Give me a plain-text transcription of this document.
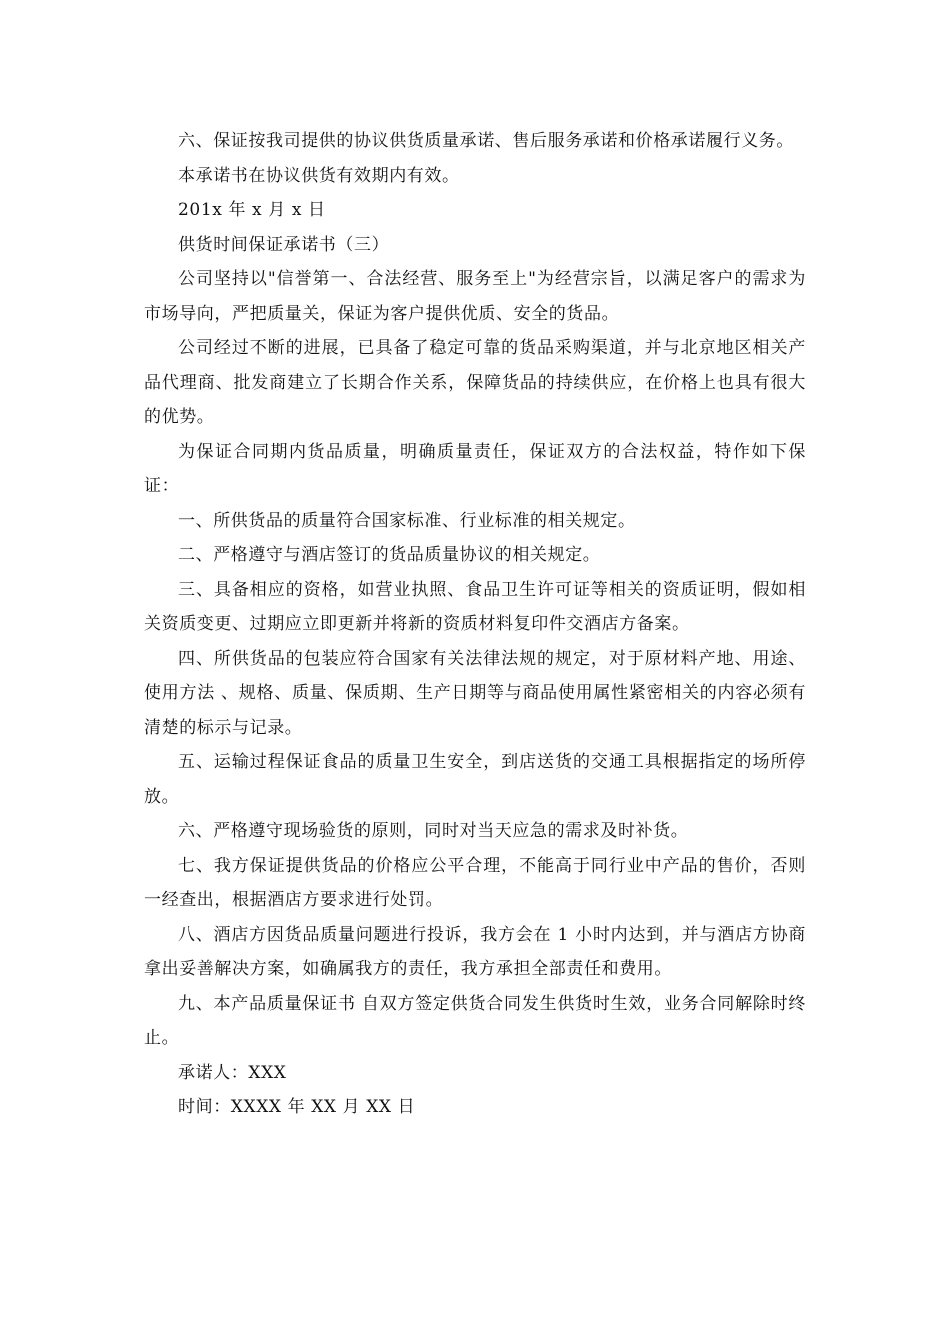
六、保证按我司提供的协议供货质量承诺、售后服务承诺和价格承诺履行义务。

本承诺书在协议供货有效期内有效。

201x 年 x 月 x 日

供货时间保证承诺书（三）

公司坚持以"信誉第一、合法经营、服务至上"为经营宗旨，以满足客户的需求为市场导向，严把质量关，保证为客户提供优质、安全的货品。

公司经过不断的进展，已具备了稳定可靠的货品采购渠道，并与北京地区相关产品代理商、批发商建立了长期合作关系，保障货品的持续供应，在价格上也具有很大的优势。

为保证合同期内货品质量，明确质量责任，保证双方的合法权益，特作如下保证：

一、所供货品的质量符合国家标准、行业标准的相关规定。

二、严格遵守与酒店签订的货品质量协议的相关规定。

三、具备相应的资格，如营业执照、食品卫生许可证等相关的资质证明，假如相关资质变更、过期应立即更新并将新的资质材料复印件交酒店方备案。

四、所供货品的包装应符合国家有关法律法规的规定，对于原材料产地、用途、使用方法 、规格、质量、保质期、生产日期等与商品使用属性紧密相关的内容必须有清楚的标示与记录。

五、运输过程保证食品的质量卫生安全，到店送货的交通工具根据指定的场所停放。

六、严格遵守现场验货的原则，同时对当天应急的需求及时补货。

七、我方保证提供货品的价格应公平合理，不能高于同行业中产品的售价，否则一经查出，根据酒店方要求进行处罚。

八、酒店方因货品质量问题进行投诉，我方会在 1 小时内达到，并与酒店方协商拿出妥善解决方案，如确属我方的责任，我方承担全部责任和费用。

九、本产品质量保证书 自双方签定供货合同发生供货时生效，业务合同解除时终止。

承诺人：XXX

时间：XXXX 年 XX 月 XX 日
